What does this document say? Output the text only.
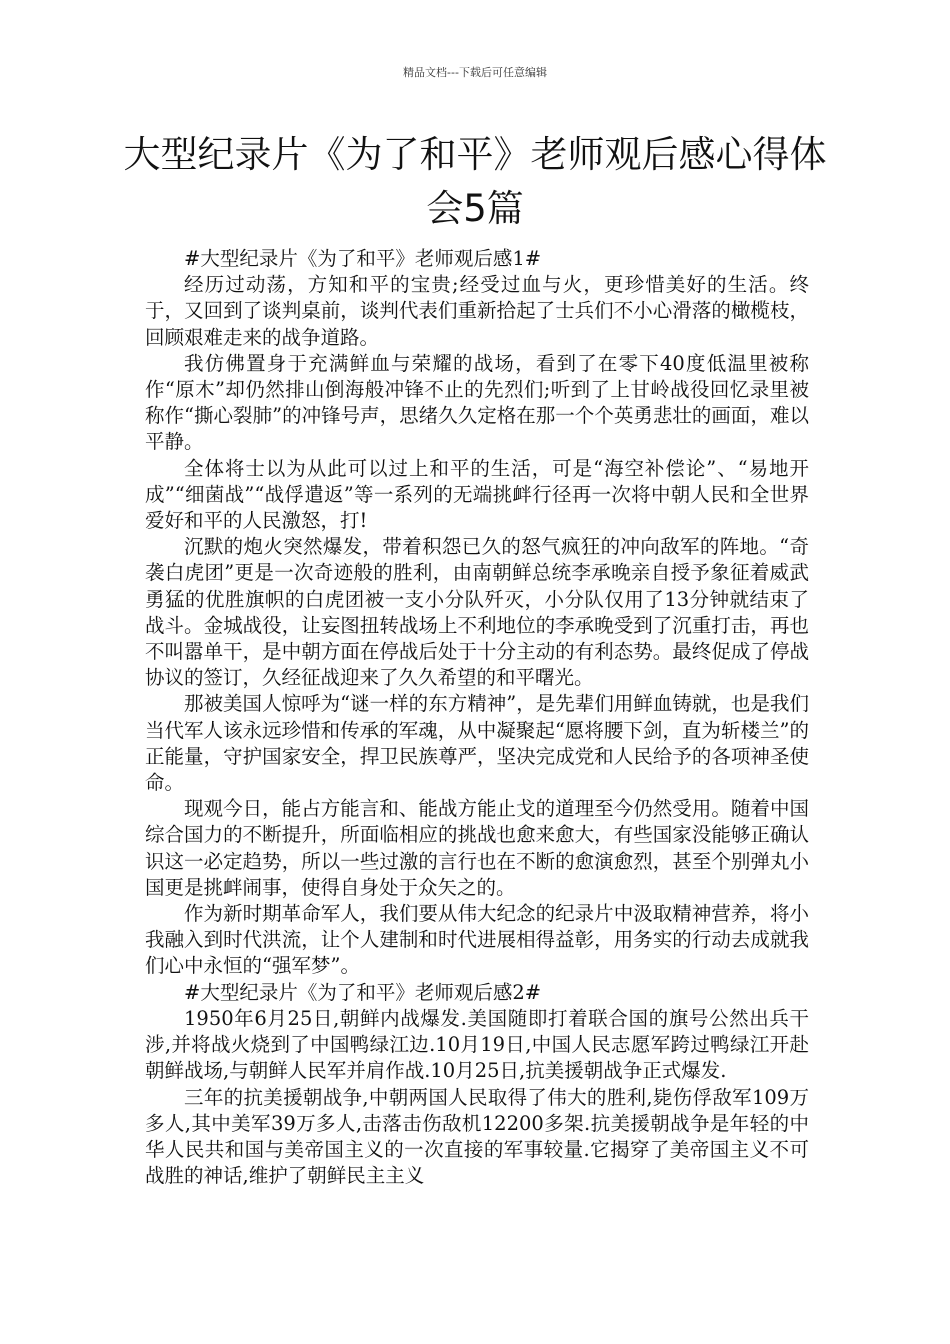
精品文档---下载后可任意编辑
大型纪录片《为了和平》老师观后感心得体会5篇

#大型纪录片《为了和平》老师观后感1#

经历过动荡，方知和平的宝贵;经受过血与火，更珍惜美好的生活。终于，又回到了谈判桌前，谈判代表们重新拾起了士兵们不小心滑落的橄榄枝，回顾艰难走来的战争道路。

我仿佛置身于充满鲜血与荣耀的战场，看到了在零下40度低温里被称作“原木”却仍然排山倒海般冲锋不止的先烈们;听到了上甘岭战役回忆录里被称作“撕心裂肺”的冲锋号声，思绪久久定格在那一个个英勇悲壮的画面，难以平静。

全体将士以为从此可以过上和平的生活，可是“海空补偿论”、“易地开成”“细菌战”“战俘遣返”等一系列的无端挑衅行径再一次将中朝人民和全世界爱好和平的人民激怒，打!

沉默的炮火突然爆发，带着积怨已久的怒气疯狂的冲向敌军的阵地。“奇袭白虎团”更是一次奇迹般的胜利，由南朝鲜总统李承晚亲自授予象征着威武勇猛的优胜旗帜的白虎团被一支小分队歼灭，小分队仅用了13分钟就结束了战斗。金城战役，让妄图扭转战场上不利地位的李承晚受到了沉重打击，再也不叫嚣单干，是中朝方面在停战后处于十分主动的有利态势。最终促成了停战协议的签订，久经征战迎来了久久希望的和平曙光。

那被美国人惊呼为“谜一样的东方精神”，是先辈们用鲜血铸就，也是我们当代军人该永远珍惜和传承的军魂，从中凝聚起“愿将腰下剑，直为斩楼兰”的正能量，守护国家安全，捍卫民族尊严，坚决完成党和人民给予的各项神圣使命。

现观今日，能占方能言和、能战方能止戈的道理至今仍然受用。随着中国综合国力的不断提升，所面临相应的挑战也愈来愈大，有些国家没能够正确认识这一必定趋势，所以一些过激的言行也在不断的愈演愈烈，甚至个别弹丸小国更是挑衅闹事，使得自身处于众矢之的。

作为新时期革命军人，我们要从伟大纪念的纪录片中汲取精神营养，将小我融入到时代洪流，让个人建制和时代进展相得益彰，用务实的行动去成就我们心中永恒的“强军梦”。

#大型纪录片《为了和平》老师观后感2#

1950年6月25日,朝鲜内战爆发.美国随即打着联合国的旗号公然出兵干涉,并将战火烧到了中国鸭绿江边.10月19日,中国人民志愿军跨过鸭绿江开赴朝鲜战场,与朝鲜人民军并肩作战.10月25日,抗美援朝战争正式爆发.

三年的抗美援朝战争,中朝两国人民取得了伟大的胜利,毙伤俘敌军109万多人,其中美军39万多人,击落击伤敌机12200多架.抗美援朝战争是年轻的中华人民共和国与美帝国主义的一次直接的军事较量.它揭穿了美帝国主义不可战胜的神话,维护了朝鲜民主主义
